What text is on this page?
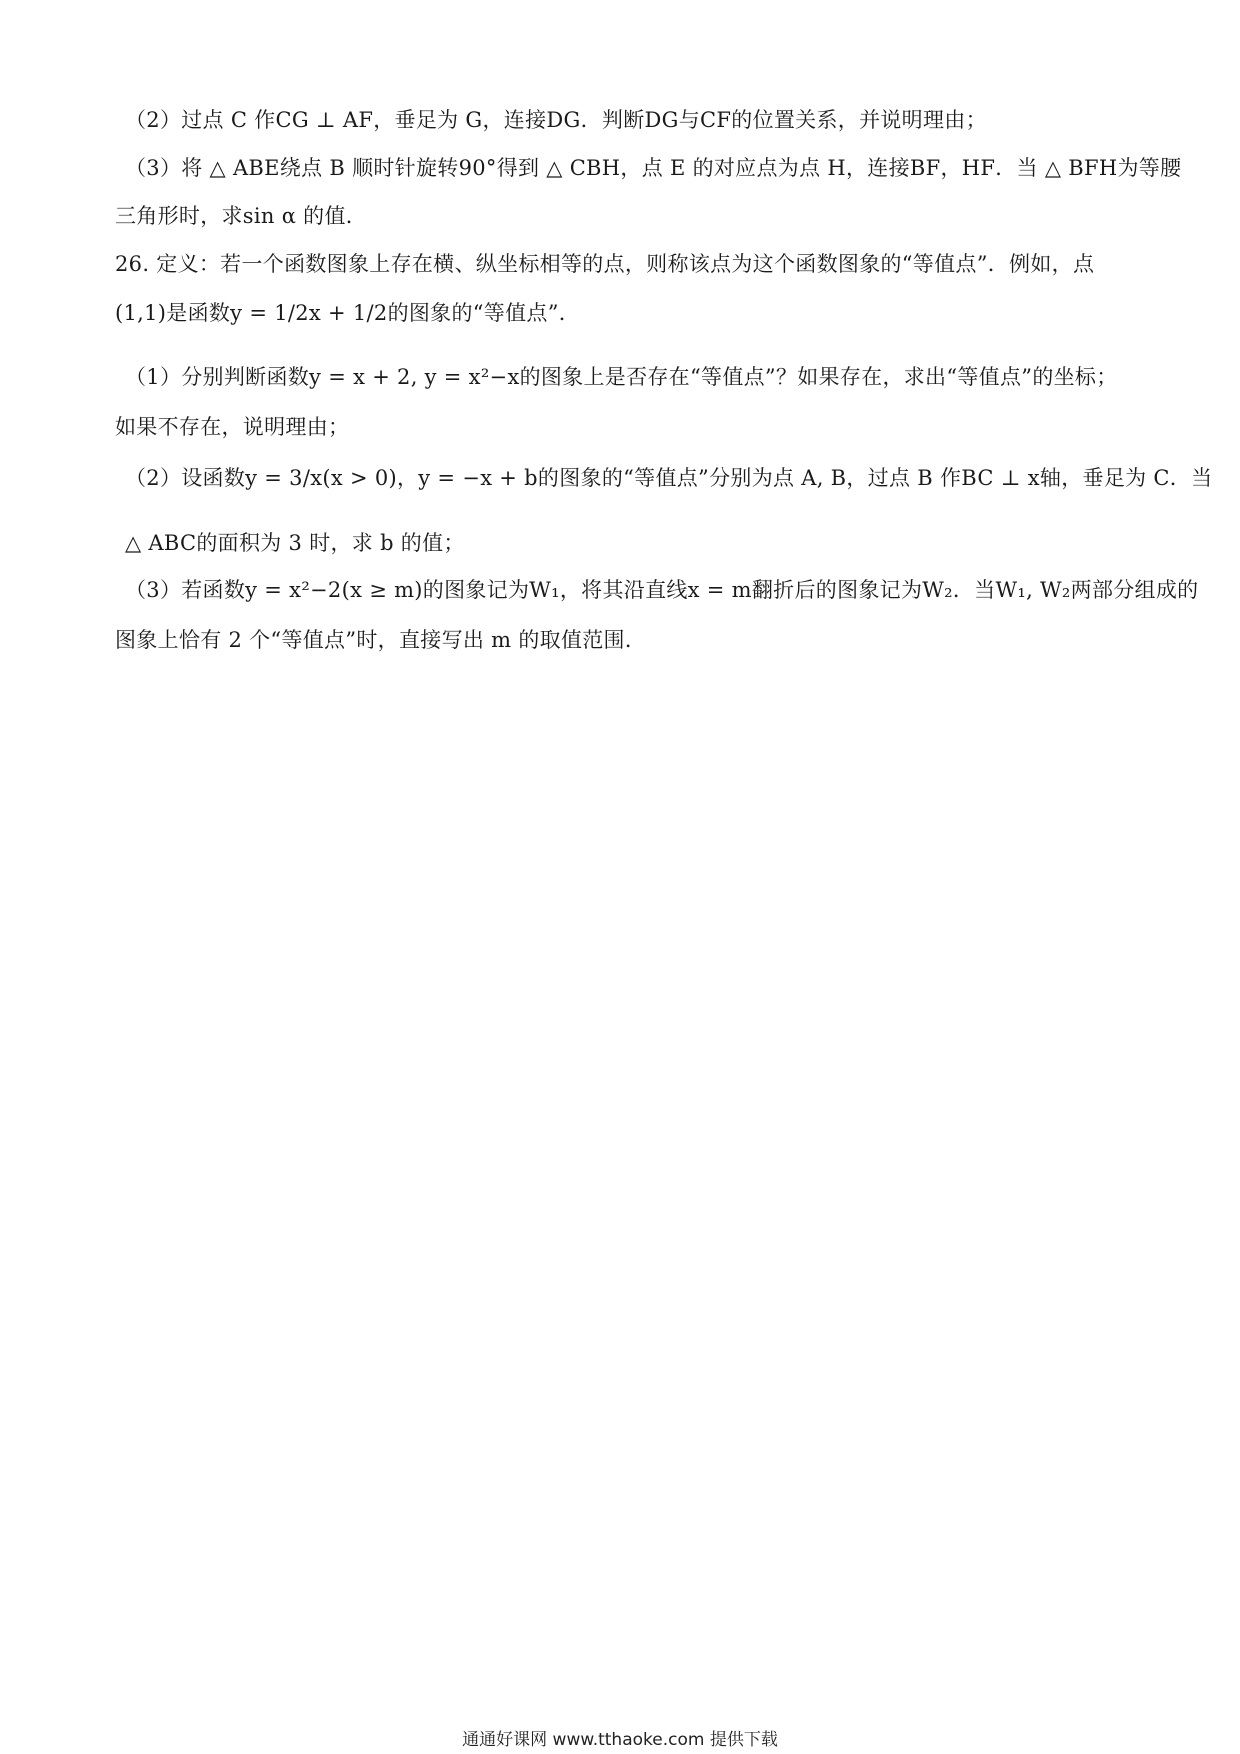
（2）过点 C 作CG ⊥ AF，垂足为 G，连接DG．判断DG与CF的位置关系，并说明理由；
（3）将 △ ABE绕点 B 顺时针旋转90°得到 △ CBH，点 E 的对应点为点 H，连接BF，HF．当 △ BFH为等腰
三角形时，求sin α 的值．
26. 定义：若一个函数图象上存在横、纵坐标相等的点，则称该点为这个函数图象的“等值点”．例如，点
(1,1)是函数y = 1/2x + 1/2的图象的“等值点”．
（1）分别判断函数y = x + 2, y = x²−x的图象上是否存在“等值点”？如果存在，求出“等值点”的坐标；
如果不存在，说明理由；
（2）设函数y = 3/x(x > 0)，y = −x + b的图象的“等值点”分别为点 A, B，过点 B 作BC ⊥ x轴，垂足为 C．当
△ ABC的面积为 3 时，求 b 的值；
（3）若函数y = x²−2(x ≥ m)的图象记为W₁，将其沿直线x = m翻折后的图象记为W₂．当W₁, W₂两部分组成的
图象上恰有 2 个“等值点”时，直接写出 m 的取值范围．
通通好课网 www.tthaoke.com 提供下载
